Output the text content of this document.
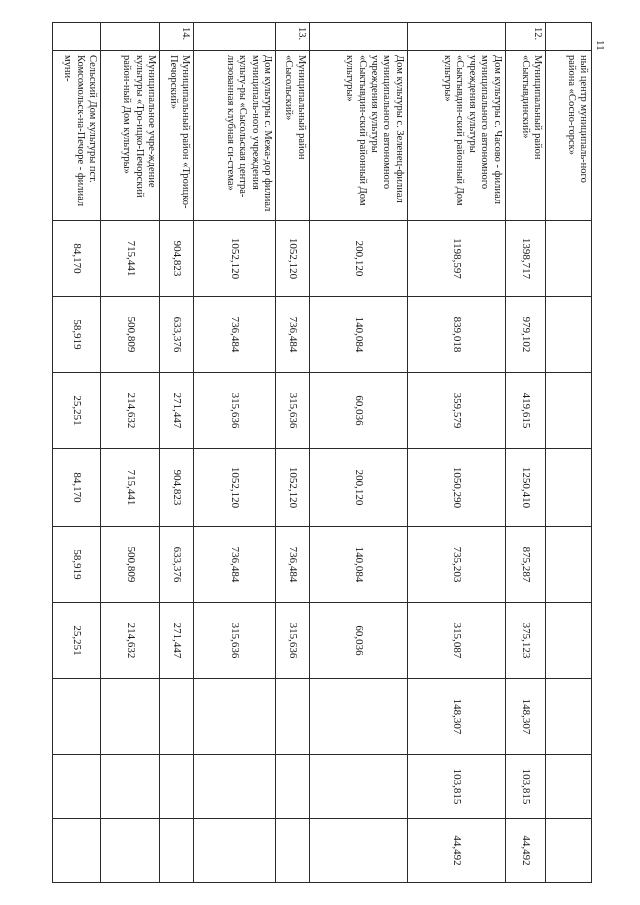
11
	ный центр муниципаль-ного района «Сосно-горск»									
12.	Муниципальный район «Сыктывдинский»	1398,717	979,102	419,615	1250,410	875,287	375,123	148,307	103,815	44,492
	Дом культуры с. Часово - филиал муниципального автономного учреждения культуры «Сыктывдин-ский районный Дом культуры»	1198,597	839,018	359,579	1050,290	735,203	315,087	148,307	103,815	44,492
	Дом культуры с. Зеленец-филиал муниципального автономного учреждения культуры «Сыктывдин-ский районный Дом культуры»	200,120	140,084	60,036	200,120	140,084	60,036			
13.	Муниципальный район «Сысольский»	1052,120	736,484	315,636	1052,120	736,484	315,636			
	Дом культуры с. Межа-дор филиал муниципаль-ного учреждения культу-ры «Сысольская центра-лизованная клубная си-стема»	1052,120	736,484	315,636	1052,120	736,484	315,636			
14.	Муниципальный район «Троицко-Печорский»	904,823	633,376	271,447	904,823	633,376	271,447			
	Муниципальное учре-ждение культуры «Тро-ицко-Печорский район-ный Дом культуры»	715,441	500,809	214,632	715,441	500,809	214,632			
	Сельский Дом культуры пст. Комсомольск-на-Печоре - филиал муни-	84,170	58,919	25,251	84,170	58,919	25,251			
